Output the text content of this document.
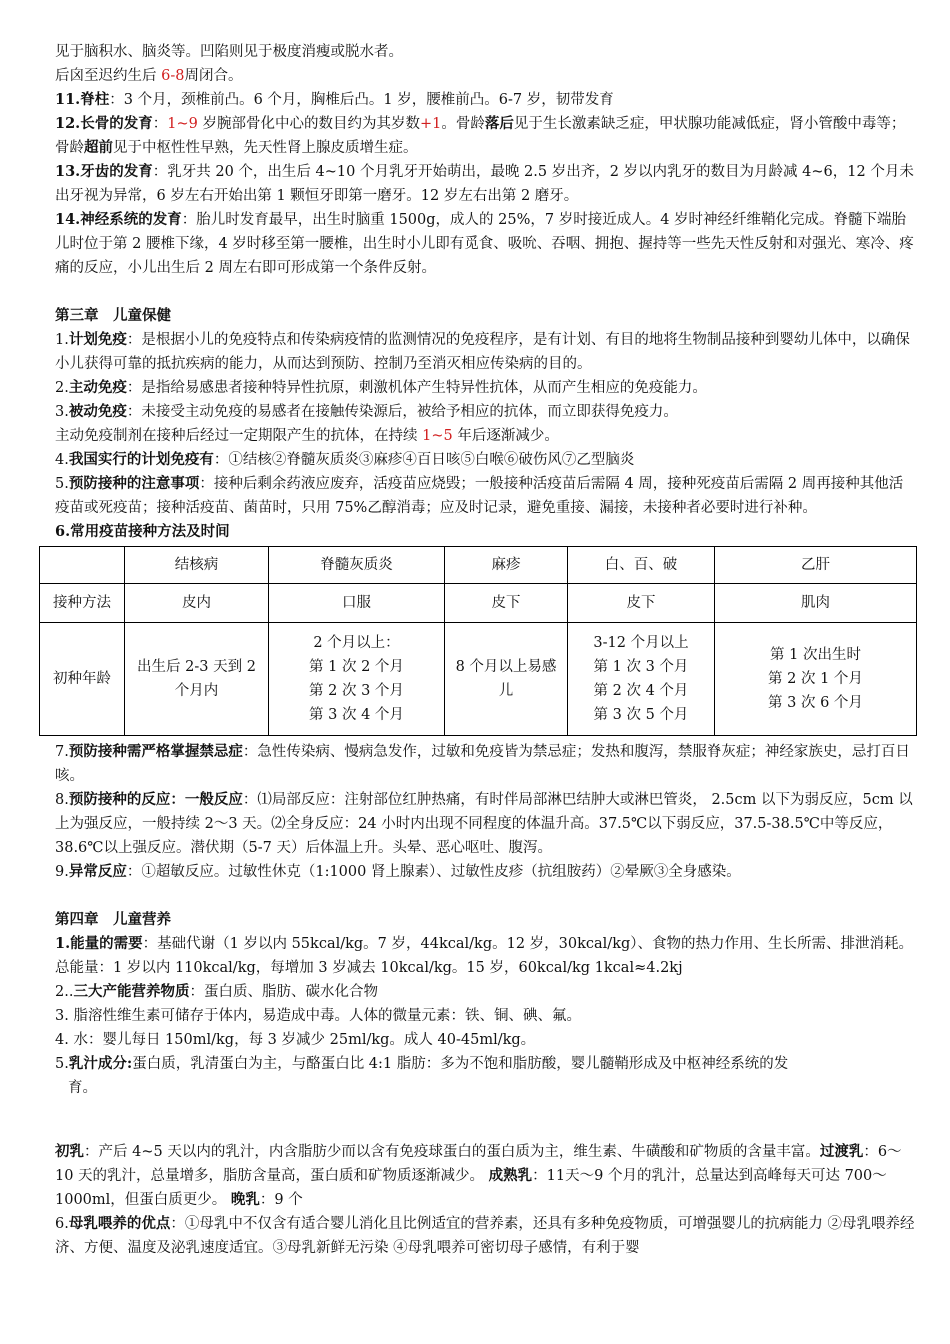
见于脑积水、脑炎等。凹陷则见于极度消瘦或脱水者。

后囟至迟约生后 6-8周闭合。

11.脊柱：3 个月，颈椎前凸。6 个月，胸椎后凸。1 岁，腰椎前凸。6-7 岁，韧带发育

12.长骨的发育：1~9 岁腕部骨化中心的数目约为其岁数+1。骨龄落后见于生长激素缺乏症，甲状腺功能减低症，肾小管酸中毒等；骨龄超前见于中枢性性早熟，先天性肾上腺皮质增生症。

13.牙齿的发育：乳牙共 20 个，出生后 4~10 个月乳牙开始萌出，最晚 2.5 岁出齐，2 岁以内乳牙的数目为月龄减 4~6，12 个月未出牙视为异常，6 岁左右开始出第 1 颗恒牙即第一磨牙。12 岁左右出第 2 磨牙。

14.神经系统的发育：胎儿时发育最早，出生时脑重 1500g，成人的 25%，7 岁时接近成人。4 岁时神经纤维鞘化完成。脊髓下端胎儿时位于第 2 腰椎下缘，4 岁时移至第一腰椎，出生时小儿即有觅食、吸吮、吞咽、拥抱、握持等一些先天性反射和对强光、寒冷、疼痛的反应，小儿出生后 2 周左右即可形成第一个条件反射。

第三章　儿童保健

1.计划免疫：是根据小儿的免疫特点和传染病疫情的监测情况的免疫程序，是有计划、有目的地将生物制品接种到婴幼儿体中，以确保小儿获得可靠的抵抗疾病的能力，从而达到预防、控制乃至消灭相应传染病的目的。

2.主动免疫：是指给易感患者接种特异性抗原，刺激机体产生特异性抗体，从而产生相应的免疫能力。

3.被动免疫：未接受主动免疫的易感者在接触传染源后，被给予相应的抗体，而立即获得免疫力。

主动免疫制剂在接种后经过一定期限产生的抗体，在持续 1~5 年后逐渐减少。

4.我国实行的计划免疫有：①结核②脊髓灰质炎③麻疹④百日咳⑤白喉⑥破伤风⑦乙型脑炎

5.预防接种的注意事项：接种后剩余药液应废弃，活疫苗应烧毁；一般接种活疫苗后需隔 4 周，接种死疫苗后需隔 2 周再接种其他活疫苗或死疫苗；接种活疫苗、菌苗时，只用 75%乙醇消毒；应及时记录，避免重接、漏接，未接种者必要时进行补种。

6.常用疫苗接种方法及时间

	结核病	脊髓灰质炎	麻疹	白、百、破	乙肝
接种方法	皮内	口服	皮下	皮下	肌肉
初种年龄	出生后 2-3 天到 2 个月内	2 个月以上：
第 1 次 2 个月
第 2 次 3 个月
第 3 次 4 个月	8 个月以上易感儿	3-12 个月以上
第 1 次 3 个月
第 2 次 4 个月
第 3 次 5 个月	第 1 次出生时
第 2 次 1 个月
第 3 次 6 个月

7.预防接种需严格掌握禁忌症：急性传染病、慢病急发作，过敏和免疫皆为禁忌症；发热和腹泻，禁服脊灰症；神经家族史，忌打百日咳。

8.预防接种的反应：一般反应：⑴局部反应：注射部位红肿热痛，有时伴局部淋巴结肿大或淋巴管炎， 2.5cm 以下为弱反应，5cm 以上为强反应，一般持续 2〜3 天。⑵全身反应：24 小时内出现不同程度的体温升高。37.5℃以下弱反应，37.5-38.5℃中等反应，38.6℃以上强反应。潜伏期（5-7 天）后体温上升。头晕、恶心呕吐、腹泻。

9.异常反应：①超敏反应。过敏性休克（1:1000 肾上腺素）、过敏性皮疹（抗组胺药）②晕厥③全身感染。

第四章　儿童营养

1.能量的需要：基础代谢（1 岁以内 55kcal/kg。7 岁，44kcal/kg。12 岁，30kcal/kg）、食物的热力作用、生长所需、排泄消耗。

总能量：1 岁以内 110kcal/kg，每增加 3 岁减去 10kcal/kg。15 岁，60kcal/kg 1kcal≈4.2kj

2..三大产能营养物质：蛋白质、脂肪、碳水化合物

3. 脂溶性维生素可储存于体内，易造成中毒。人体的微量元素：铁、铜、碘、氟。

4. 水：婴儿每日 150ml/kg，每 3 岁减少 25ml/kg。成人 40-45ml/kg。

5.乳汁成分:蛋白质，乳清蛋白为主，与酪蛋白比 4:1 脂肪：多为不饱和脂肪酸，婴儿髓鞘形成及中枢神经系统的发

育。

初乳：产后 4~5 天以内的乳汁，内含脂肪少而以含有免疫球蛋白的蛋白质为主，维生素、牛磺酸和矿物质的含量丰富。过渡乳：6～10 天的乳汁，总量增多，脂肪含量高，蛋白质和矿物质逐渐减少。 成熟乳：11天～9 个月的乳汁，总量达到高峰每天可达 700～1000ml，但蛋白质更少。 晚乳：9 个

6.母乳喂养的优点：①母乳中不仅含有适合婴儿消化且比例适宜的营养素，还具有多种免疫物质，可增强婴儿的抗病能力 ②母乳喂养经济、方便、温度及泌乳速度适宜。③母乳新鲜无污染 ④母乳喂养可密切母子感情，有利于婴
